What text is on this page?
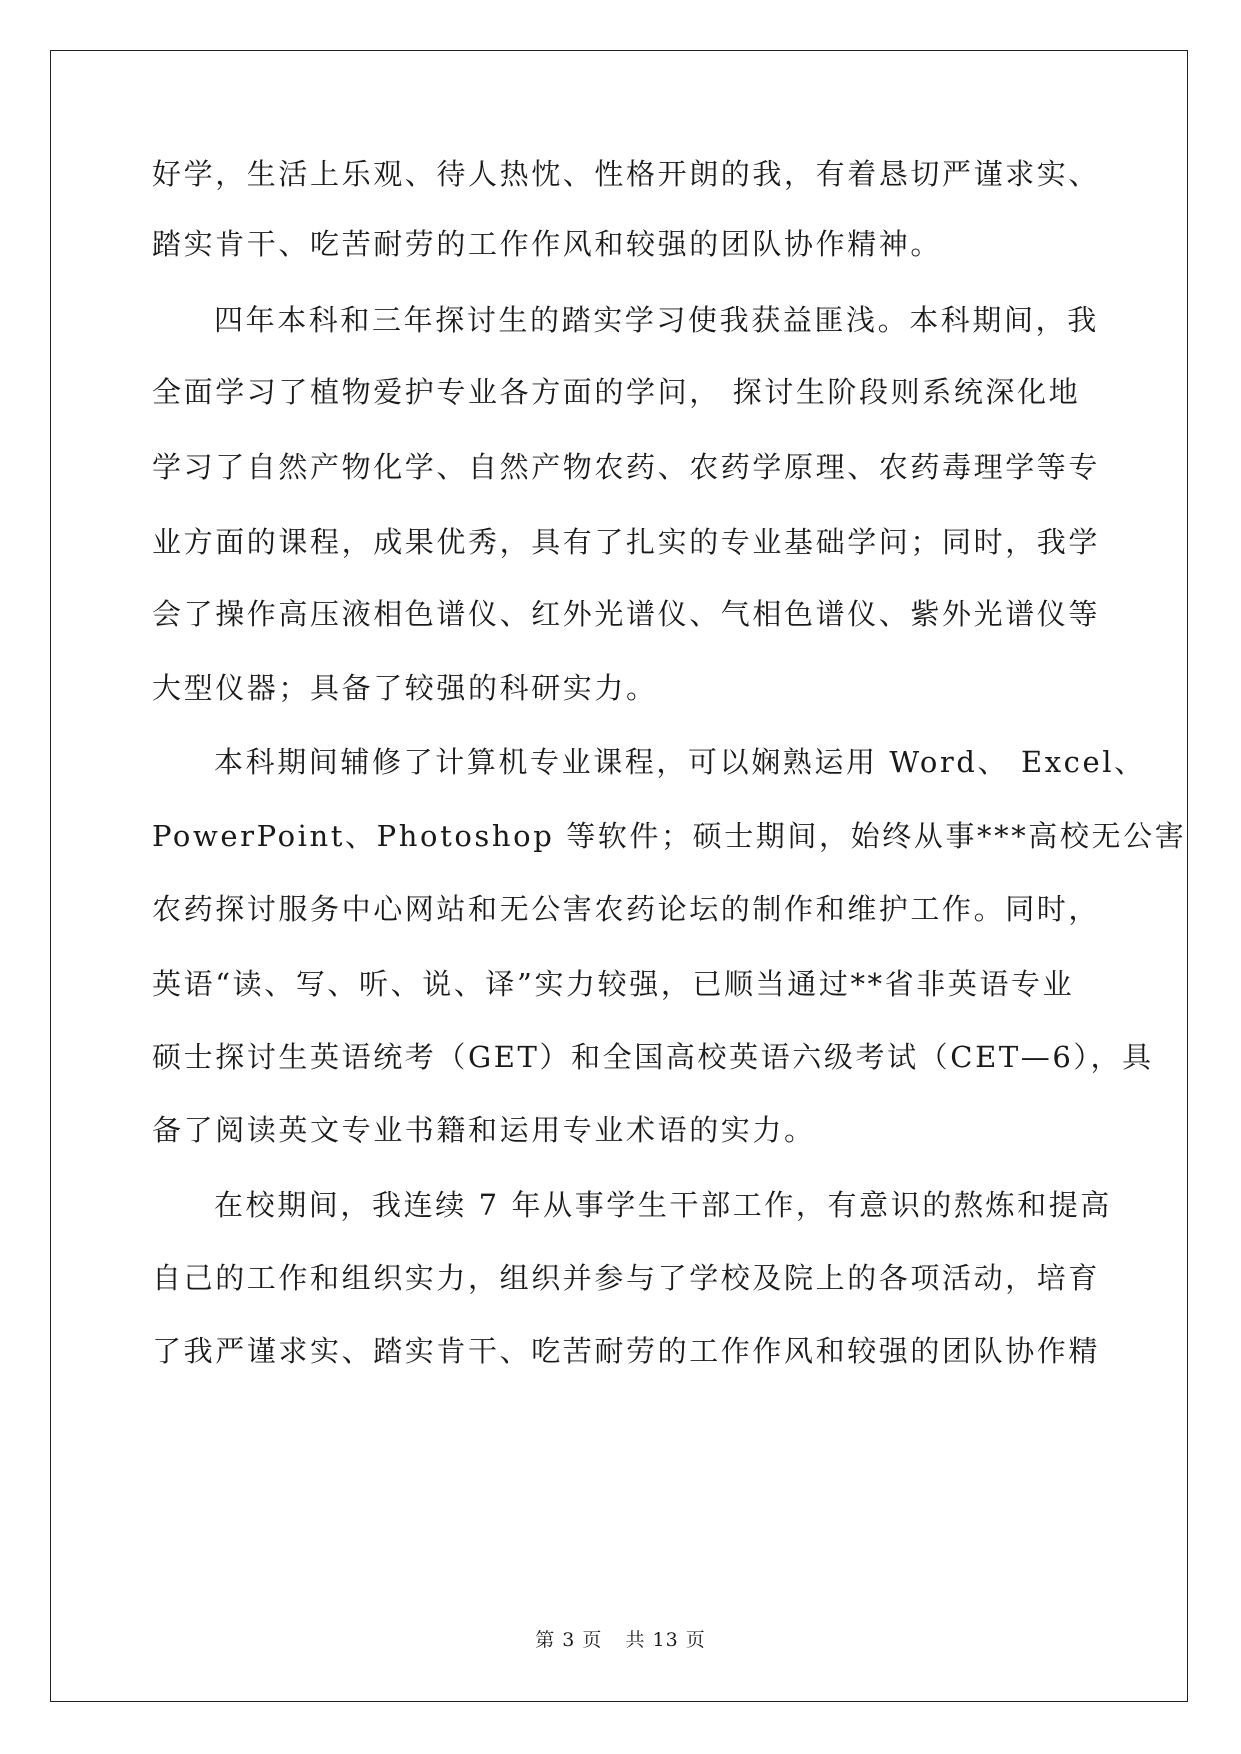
好学，生活上乐观、待人热忱、性格开朗的我，有着恳切严谨求实、
踏实肯干、吃苦耐劳的工作作风和较强的团队协作精神。
四年本科和三年探讨生的踏实学习使我获益匪浅。本科期间，我
全面学习了植物爱护专业各方面的学问， 探讨生阶段则系统深化地
学习了自然产物化学、自然产物农药、农药学原理、农药毒理学等专
业方面的课程，成果优秀，具有了扎实的专业基础学问；同时，我学
会了操作高压液相色谱仪、红外光谱仪、气相色谱仪、紫外光谱仪等
大型仪器；具备了较强的科研实力。
本科期间辅修了计算机专业课程，可以娴熟运用 Word、 Excel、
PowerPoint、Photoshop 等软件；硕士期间，始终从事***高校无公害
农药探讨服务中心网站和无公害农药论坛的制作和维护工作。同时，
英语“读、写、听、说、译”实力较强，已顺当通过**省非英语专业
硕士探讨生英语统考（GET）和全国高校英语六级考试（CET—6），具
备了阅读英文专业书籍和运用专业术语的实力。
在校期间，我连续 7 年从事学生干部工作，有意识的熬炼和提高
自己的工作和组织实力，组织并参与了学校及院上的各项活动，培育
了我严谨求实、踏实肯干、吃苦耐劳的工作作风和较强的团队协作精
第 3 页 共 13 页
